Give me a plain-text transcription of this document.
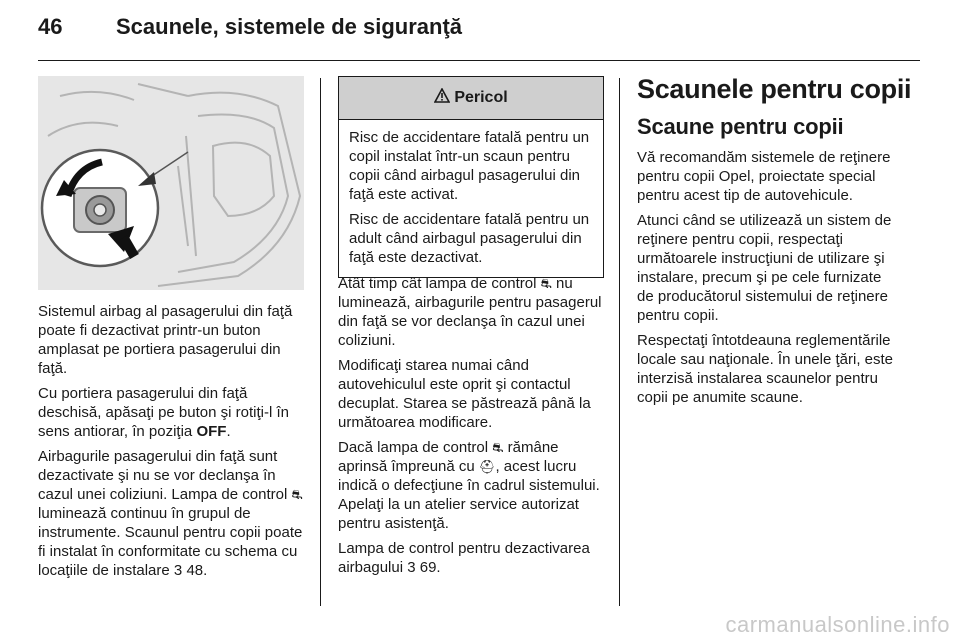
46 Scaunele, sistemele de siguranţă

Sistemul airbag al pasagerului din faţă poate fi dezactivat printr-un buton amplasat pe portiera pasagerului din faţă.

Cu portiera pasagerului din faţă deschisă, apăsaţi pe buton şi rotiţi-l în sens antiorar, în poziţia OFF.

Airbagurile pasagerului din faţă sunt dezactivate şi nu se vor declanşa în cazul unei coliziuni. Lampa de control ⛐ luminează continuu în grupul de instrumente. Scaunul pentru copii poate fi instalat în conformitate cu schema cu locaţiile de instalare 3 48.

Pericol

Risc de accidentare fatală pentru un copil instalat într-un scaun pentru copii când airbagul pasagerului din faţă este activat.

Risc de accidentare fatală pentru un adult când airbagul pasagerului din faţă este dezactivat.

Atât timp cât lampa de control ⛐ nu luminează, airbagurile pentru pasagerul din faţă se vor declanşa în cazul unei coliziuni.

Modificaţi starea numai când autovehiculul este oprit şi contactul decuplat. Starea se păstrează până la următoarea modificare.

Dacă lampa de control ⛐ rămâne aprinsă împreună cu ⛑, acest lucru indică o defecţiune în cadrul sistemului. Apelaţi la un atelier service autorizat pentru asistenţă.

Lampa de control pentru dezactivarea airbagului 3 69.

Scaunele pentru copii
Scaune pentru copii

Vă recomandăm sistemele de reţinere pentru copii Opel, proiectate special pentru acest tip de autovehicule.

Atunci când se utilizează un sistem de reţinere pentru copii, respectaţi următoarele instrucţiuni de utilizare şi instalare, precum şi pe cele furnizate de producătorul sistemului de reţinere pentru copii.

Respectaţi întotdeauna reglementările locale sau naţionale. În unele ţări, este interzisă instalarea scaunelor pentru copii pe anumite scaune.

carmanualsonline.info
